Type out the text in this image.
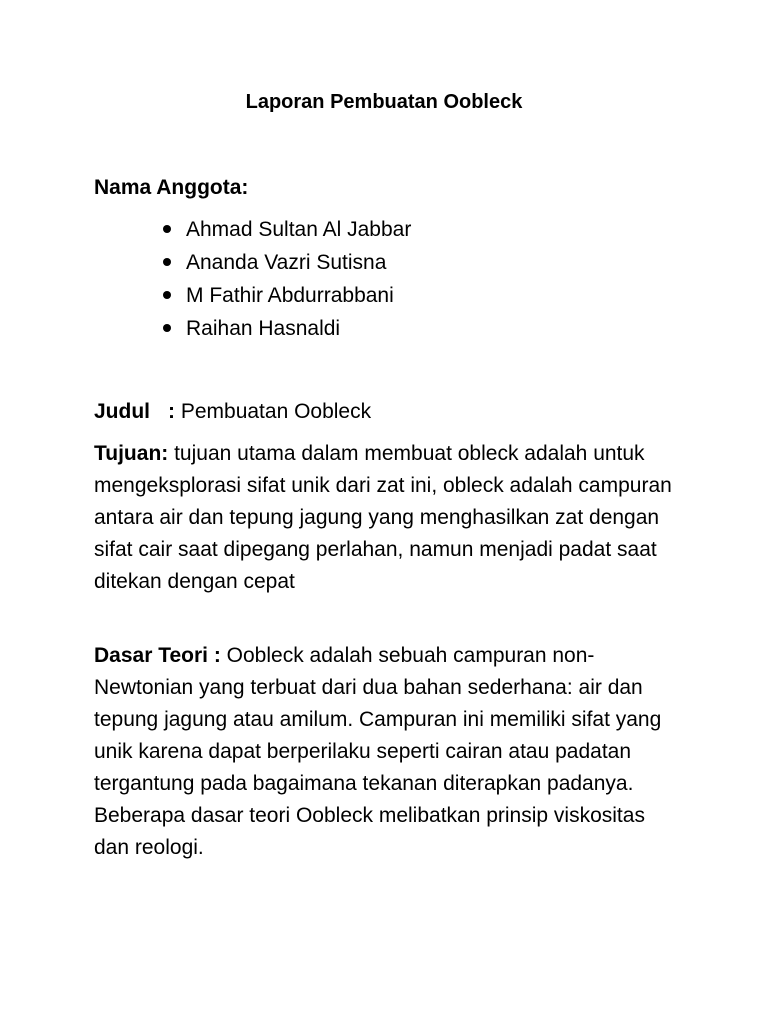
Laporan Pembuatan Oobleck
Nama Anggota:
Ahmad Sultan Al Jabbar
Ananda Vazri Sutisna
M Fathir Abdurrabbani
Raihan Hasnaldi
Judul : Pembuatan Oobleck
Tujuan: tujuan utama dalam membuat obleck adalah untuk mengeksplorasi sifat unik dari zat ini, obleck adalah campuran antara air dan tepung jagung yang menghasilkan zat dengan sifat cair saat dipegang perlahan, namun menjadi padat saat ditekan dengan cepat
Dasar Teori : Oobleck adalah sebuah campuran non-Newtonian yang terbuat dari dua bahan sederhana: air dan tepung jagung atau amilum. Campuran ini memiliki sifat yang unik karena dapat berperilaku seperti cairan atau padatan tergantung pada bagaimana tekanan diterapkan padanya. Beberapa dasar teori Oobleck melibatkan prinsip viskositas dan reologi.
